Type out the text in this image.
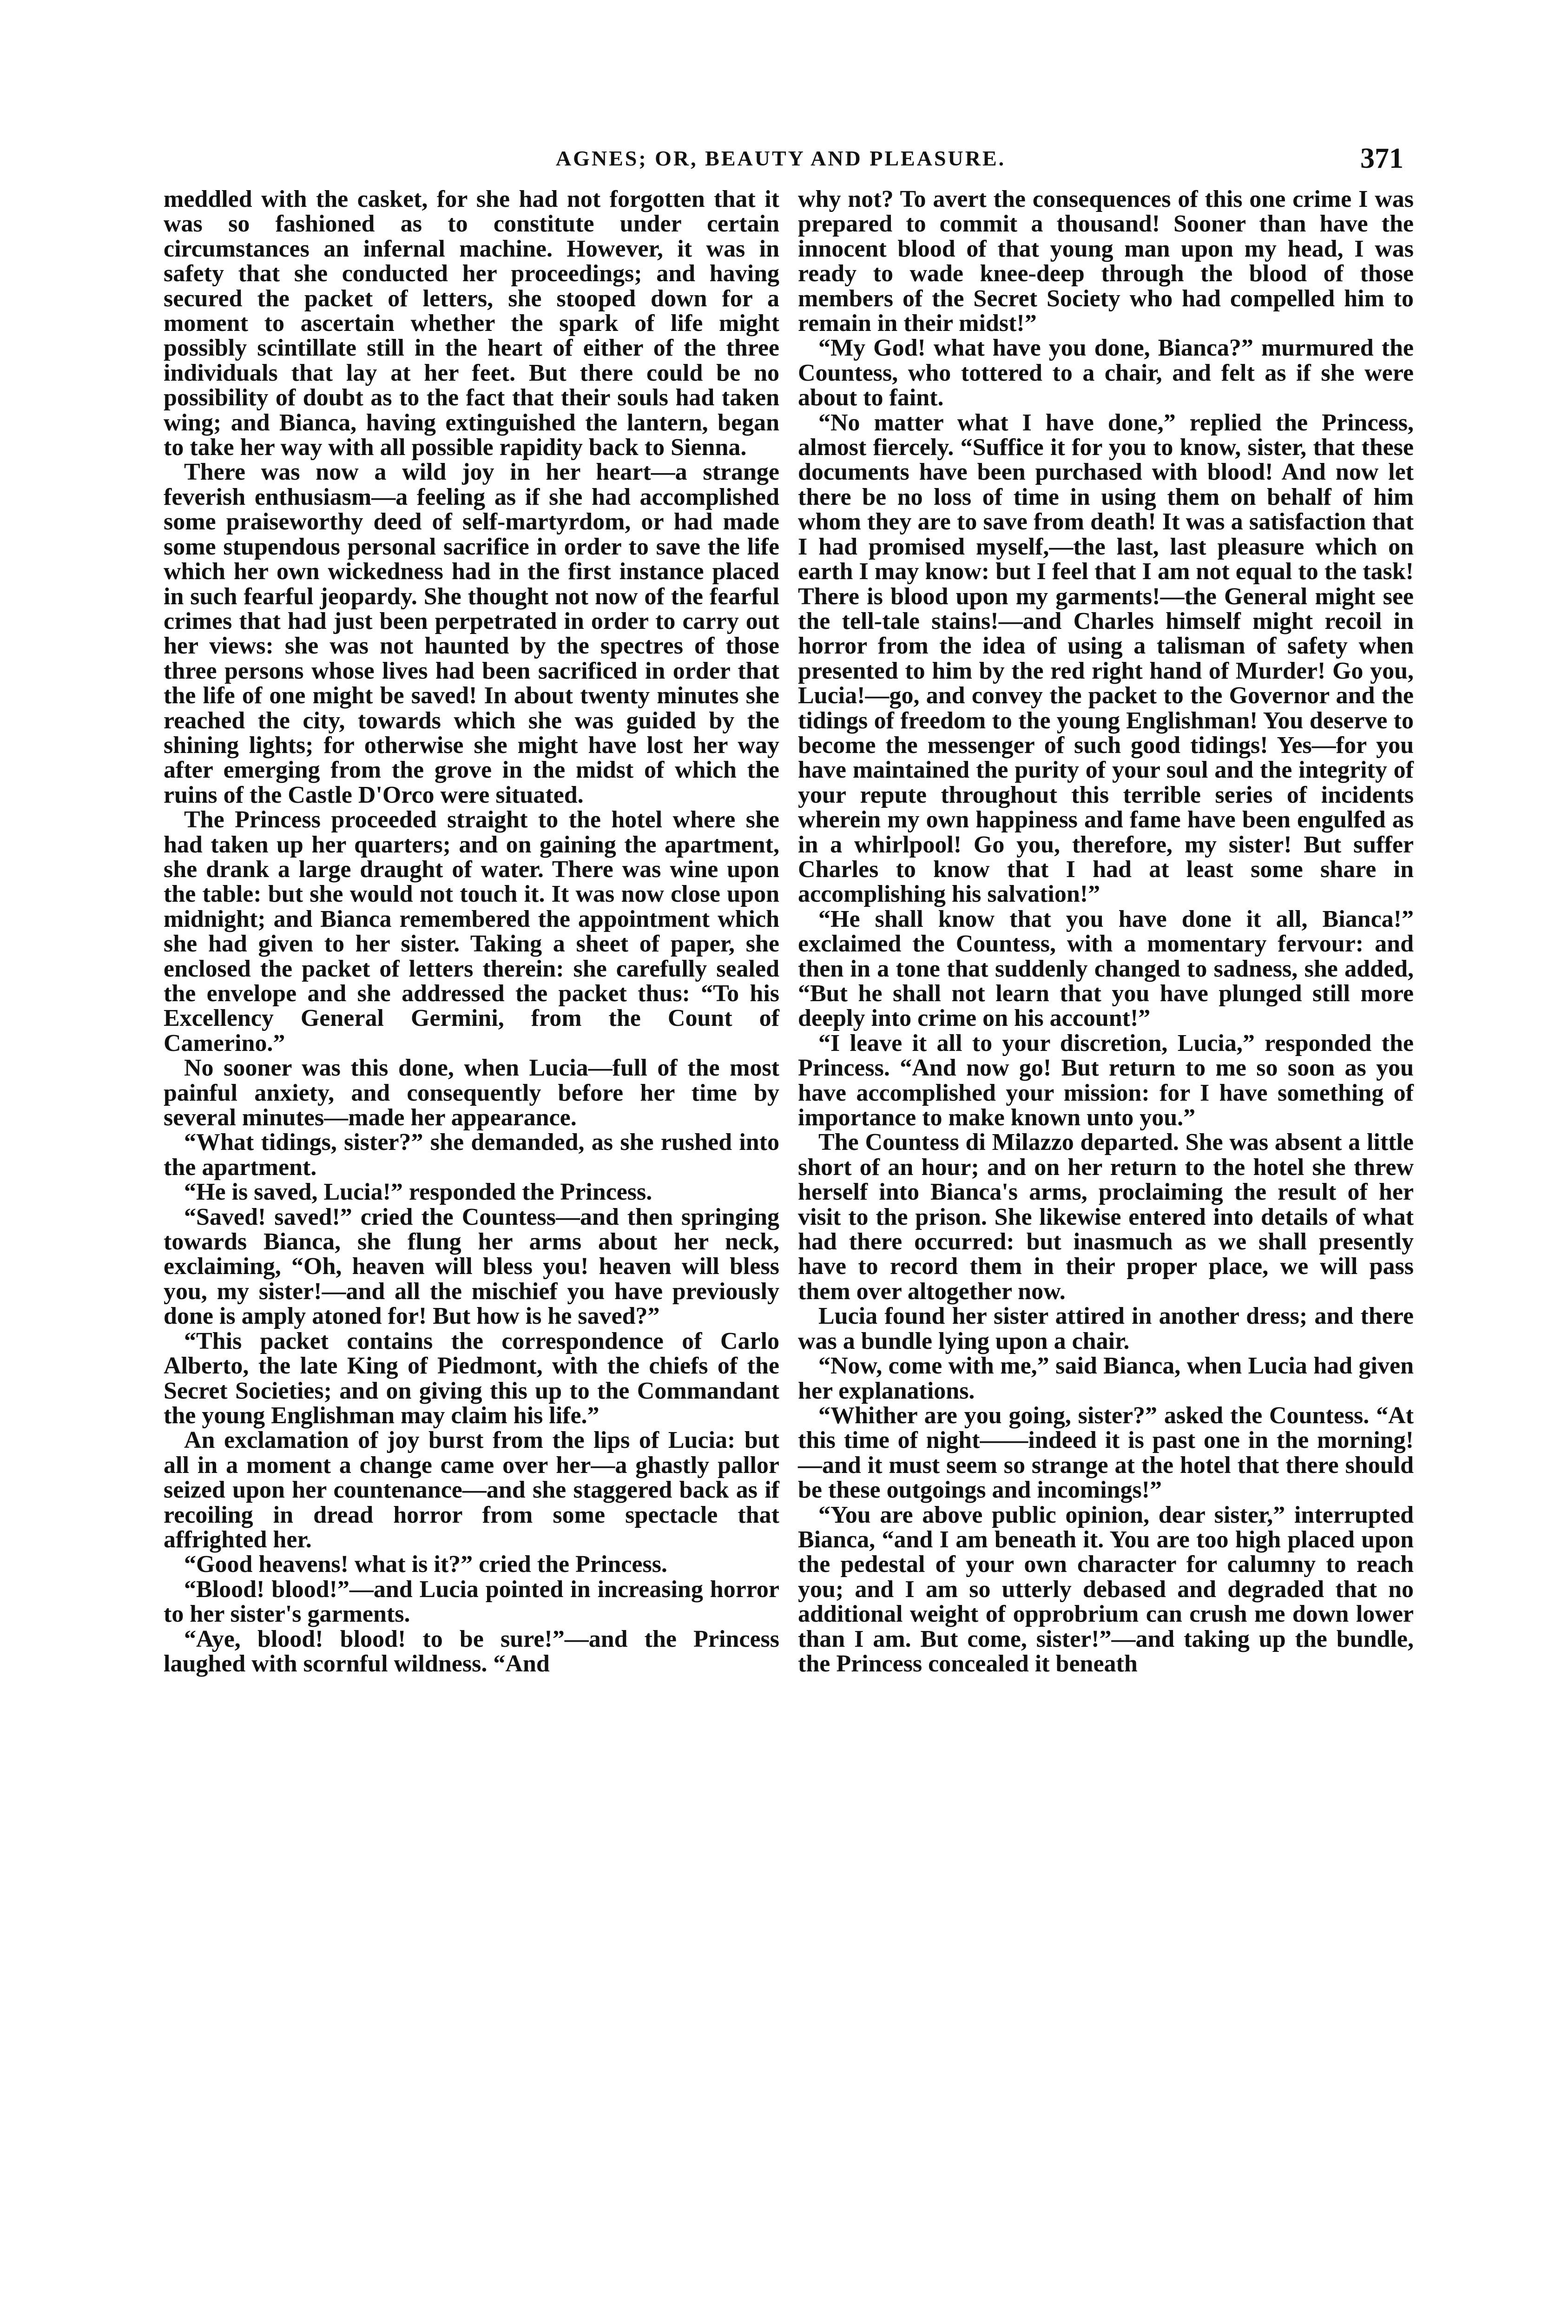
AGNES; OR, BEAUTY AND PLEASURE.	371

meddled with the casket, for she had not forgotten that it was so fashioned as to constitute under certain circumstances an infernal machine. However, it was in safety that she conducted her proceedings; and having secured the packet of letters, she stooped down for a moment to ascertain whether the spark of life might possibly scintillate still in the heart of either of the three individuals that lay at her feet. But there could be no possibility of doubt as to the fact that their souls had taken wing; and Bianca, having extinguished the lantern, began to take her way with all possible rapidity back to Sienna.

There was now a wild joy in her heart—a strange feverish enthusiasm—a feeling as if she had accomplished some praiseworthy deed of self-martyrdom, or had made some stupendous personal sacrifice in order to save the life which her own wickedness had in the first instance placed in such fearful jeopardy. She thought not now of the fearful crimes that had just been perpetrated in order to carry out her views: she was not haunted by the spectres of those three persons whose lives had been sacrificed in order that the life of one might be saved! In about twenty minutes she reached the city, towards which she was guided by the shining lights; for otherwise she might have lost her way after emerging from the grove in the midst of which the ruins of the Castle D'Orco were situated.

The Princess proceeded straight to the hotel where she had taken up her quarters; and on gaining the apartment, she drank a large draught of water. There was wine upon the table: but she would not touch it. It was now close upon midnight; and Bianca remembered the appointment which she had given to her sister. Taking a sheet of paper, she enclosed the packet of letters therein: she carefully sealed the envelope and she addressed the packet thus: “To his Excellency General Germini, from the Count of Camerino.”

No sooner was this done, when Lucia—full of the most painful anxiety, and consequently before her time by several minutes—made her appearance.

“What tidings, sister?” she demanded, as she rushed into the apartment.

“He is saved, Lucia!” responded the Princess.

“Saved! saved!” cried the Countess—and then springing towards Bianca, she flung her arms about her neck, exclaiming, “Oh, heaven will bless you! heaven will bless you, my sister!—and all the mischief you have previously done is amply atoned for! But how is he saved?”

“This packet contains the correspondence of Carlo Alberto, the late King of Piedmont, with the chiefs of the Secret Societies; and on giving this up to the Commandant the young Englishman may claim his life.”

An exclamation of joy burst from the lips of Lucia: but all in a moment a change came over her—a ghastly pallor seized upon her countenance—and she staggered back as if recoiling in dread horror from some spectacle that affrighted her.

“Good heavens! what is it?” cried the Princess.

“Blood! blood!”—and Lucia pointed in increasing horror to her sister's garments.

“Aye, blood! blood! to be sure!”—and the Princess laughed with scornful wildness. “And

why not? To avert the consequences of this one crime I was prepared to commit a thousand! Sooner than have the innocent blood of that young man upon my head, I was ready to wade knee-deep through the blood of those members of the Secret Society who had compelled him to remain in their midst!”

“My God! what have you done, Bianca?” murmured the Countess, who tottered to a chair, and felt as if she were about to faint.

“No matter what I have done,” replied the Princess, almost fiercely. “Suffice it for you to know, sister, that these documents have been purchased with blood! And now let there be no loss of time in using them on behalf of him whom they are to save from death! It was a satisfaction that I had promised myself,—the last, last pleasure which on earth I may know: but I feel that I am not equal to the task! There is blood upon my garments!—the General might see the tell-tale stains!—and Charles himself might recoil in horror from the idea of using a talisman of safety when presented to him by the red right hand of Murder! Go you, Lucia!—go, and convey the packet to the Governor and the tidings of freedom to the young Englishman! You deserve to become the messenger of such good tidings! Yes—for you have maintained the purity of your soul and the integrity of your repute throughout this terrible series of incidents wherein my own happiness and fame have been engulfed as in a whirlpool! Go you, therefore, my sister! But suffer Charles to know that I had at least some share in accomplishing his salvation!”

“He shall know that you have done it all, Bianca!” exclaimed the Countess, with a momentary fervour: and then in a tone that suddenly changed to sadness, she added, “But he shall not learn that you have plunged still more deeply into crime on his account!”

“I leave it all to your discretion, Lucia,” responded the Princess. “And now go! But return to me so soon as you have accomplished your mission: for I have something of importance to make known unto you.”

The Countess di Milazzo departed. She was absent a little short of an hour; and on her return to the hotel she threw herself into Bianca's arms, proclaiming the result of her visit to the prison. She likewise entered into details of what had there occurred: but inasmuch as we shall presently have to record them in their proper place, we will pass them over altogether now.

Lucia found her sister attired in another dress; and there was a bundle lying upon a chair.

“Now, come with me,” said Bianca, when Lucia had given her explanations.

“Whither are you going, sister?” asked the Countess. “At this time of night——indeed it is past one in the morning!—and it must seem so strange at the hotel that there should be these outgoings and incomings!”

“You are above public opinion, dear sister,” interrupted Bianca, “and I am beneath it. You are too high placed upon the pedestal of your own character for calumny to reach you; and I am so utterly debased and degraded that no additional weight of opprobrium can crush me down lower than I am. But come, sister!”—and taking up the bundle, the Princess concealed it beneath
